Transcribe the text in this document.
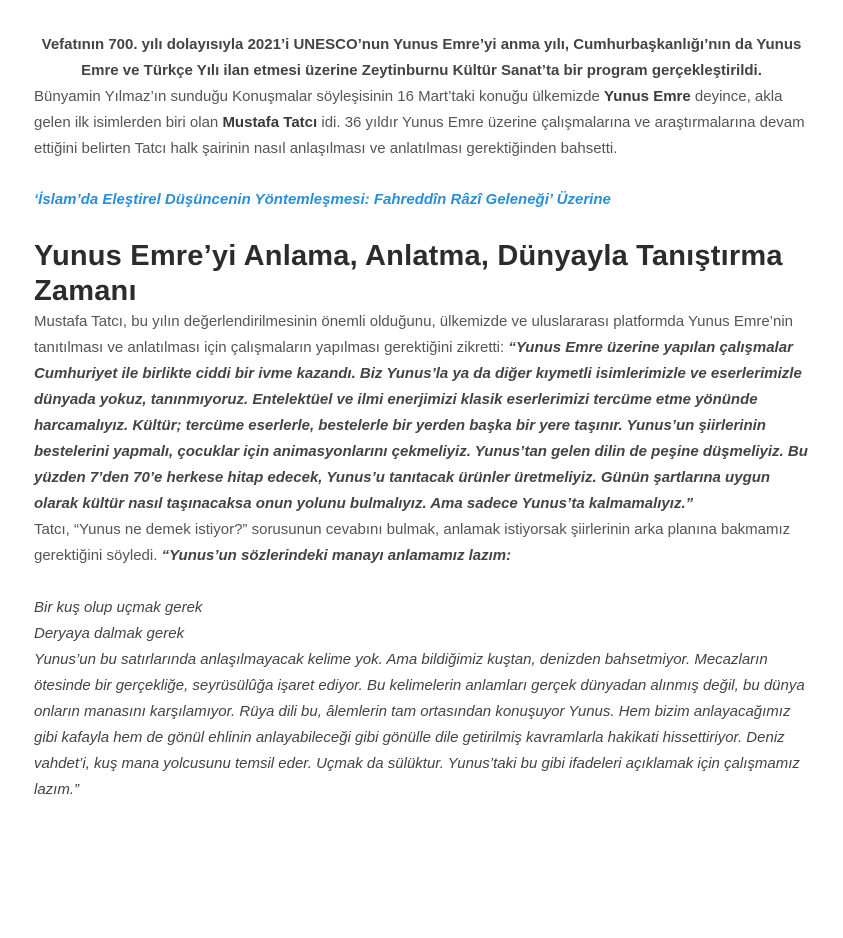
Vefatının 700. yılı dolayısıyla 2021’i UNESCO’nun Yunus Emre’yi anma yılı, Cumhurbaşkanlığı’nın da Yunus Emre ve Türkçe Yılı ilan etmesi üzerine Zeytinburnu Kültür Sanat’ta bir program gerçekleştirildi.

Bünyamin Yılmaz’ın sunduğu Konuşmalar söyleşisinin 16 Mart’taki konuğu ülkemizde Yunus Emre deyince, akla gelen ilk isimlerden biri olan Mustafa Tatcı idi. 36 yıldır Yunus Emre üzerine çalışmalarına ve araştırmalarına devam ettiğini belirten Tatcı halk şairinin nasıl anlaşılması ve anlatılması gerektiğinden bahsetti.

‘İslam’da Eleştirel Düşüncenin Yöntemleşmesi: Fahreddîn Râzî Geleneği’ Üzerine
Yunus Emre’yi Anlama, Anlatma, Dünyayla Tanıştırma Zamanı

Mustafa Tatcı, bu yılın değerlendirilmesinin önemli olduğunu, ülkemizde ve uluslararası platformda Yunus Emre’nin tanıtılması ve anlatılması için çalışmaların yapılması gerektiğini zikretti: “Yunus Emre üzerine yapılan çalışmalar Cumhuriyet ile birlikte ciddi bir ivme kazandı. Biz Yunus’la ya da diğer kıymetli isimlerimizle ve eserlerimizle dünyada yokuz, tanınmıyoruz. Entelektüel ve ilmi enerjimizi klasik eserlerimizi tercüme etme yönünde harcamalıyız. Kültür; tercüme eserlerle, bestelerle bir yerden başka bir yere taşınır. Yunus’un şiirlerinin bestelerini yapmalı, çocuklar için animasyonlarını çekmeliyiz. Yunus’tan gelen dilin de peşine düşmeliyiz. Bu yüzden 7’den 70’e herkese hitap edecek, Yunus’u tanıtacak ürünler üretmeliyiz. Günün şartlarına uygun olarak kültür nasıl taşınacaksa onun yolunu bulmalıyız. Ama sadece Yunus’ta kalmamalıyız.”

Tatcı, “Yunus ne demek istiyor?” sorusunun cevabını bulmak, anlamak istiyorsak şiirlerinin arka planına bakmamız gerektiğini söyledi. “Yunus’un sözlerindeki manayı anlamamız lazım:

Bir kuş olup uçmak gerek
Deryaya dalmak gerek

Yunus’un bu satırlarında anlaşılmayacak kelime yok. Ama bildiğimiz kuştan, denizden bahsetmiyor. Mecazların ötesinde bir gerçekliğe, seyrüsülûğa işaret ediyor. Bu kelimelerin anlamları gerçek dünyadan alınmış değil, bu dünya onların manasını karşılamıyor. Rüya dili bu, âlemlerin tam ortasından konuşuyor Yunus. Hem bizim anlayacağımız gibi kafayla hem de gönül ehlinin anlayabileceği gibi gönülle dile getirilmiş kavramlarla hakikati hissettiriyor. Deniz vahdet’i, kuş mana yolcusunu temsil eder. Uçmak da sülüktur. Yunus’taki bu gibi ifadeleri açıklamak için çalışmamız lazım.”
